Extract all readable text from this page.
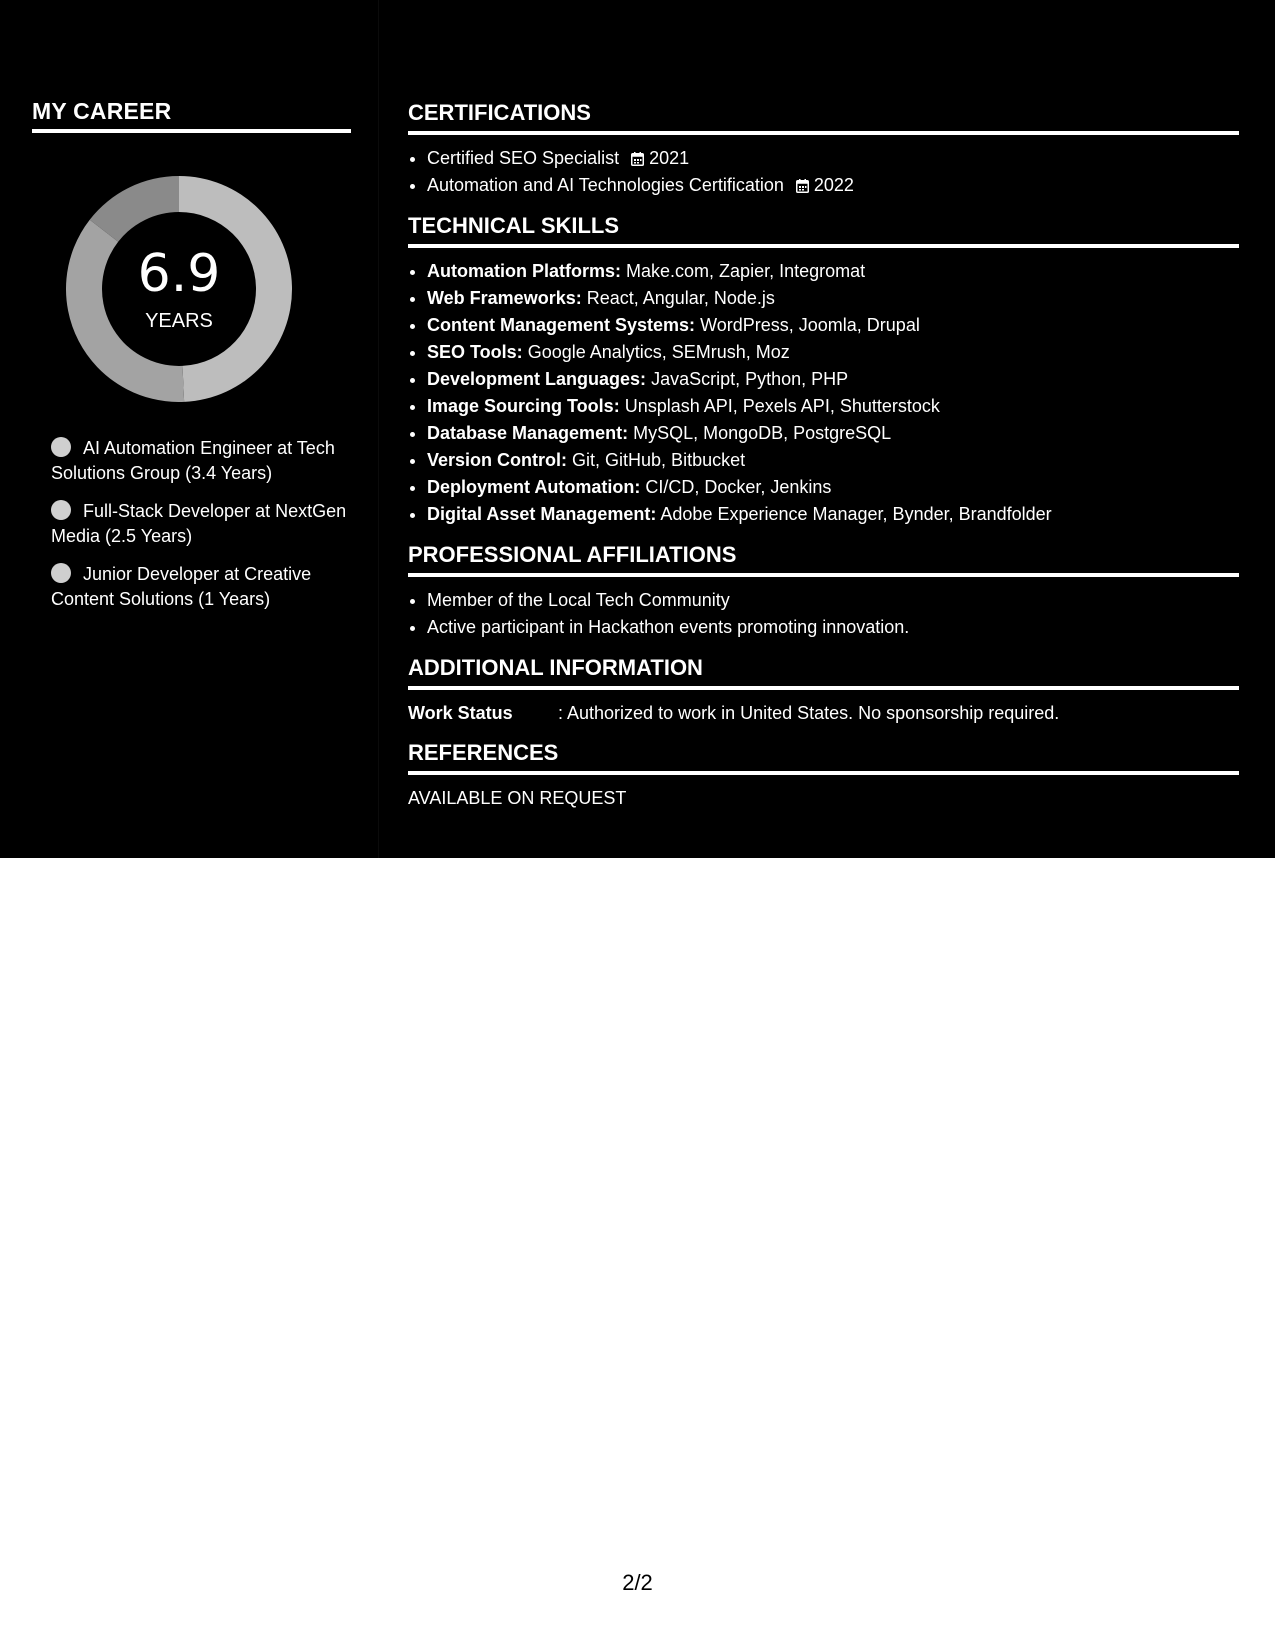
MY CAREER
6.9
YEARS
AI Automation Engineer at Tech Solutions Group (3.4 Years)
Full-Stack Developer at NextGen Media (2.5 Years)
Junior Developer at Creative Content Solutions (1 Years)
CERTIFICATIONS
• Certified SEO Specialist 2021
• Automation and AI Technologies Certification 2022
TECHNICAL SKILLS
• Automation Platforms: Make.com, Zapier, Integromat
• Web Frameworks: React, Angular, Node.js
• Content Management Systems: WordPress, Joomla, Drupal
• SEO Tools: Google Analytics, SEMrush, Moz
• Development Languages: JavaScript, Python, PHP
• Image Sourcing Tools: Unsplash API, Pexels API, Shutterstock
• Database Management: MySQL, MongoDB, PostgreSQL
• Version Control: Git, GitHub, Bitbucket
• Deployment Automation: CI/CD, Docker, Jenkins
• Digital Asset Management: Adobe Experience Manager, Bynder, Brandfolder
PROFESSIONAL AFFILIATIONS
• Member of the Local Tech Community
• Active participant in Hackathon events promoting innovation.
ADDITIONAL INFORMATION
Work Status	: Authorized to work in United States. No sponsorship required.
REFERENCES
AVAILABLE ON REQUEST
2/2
